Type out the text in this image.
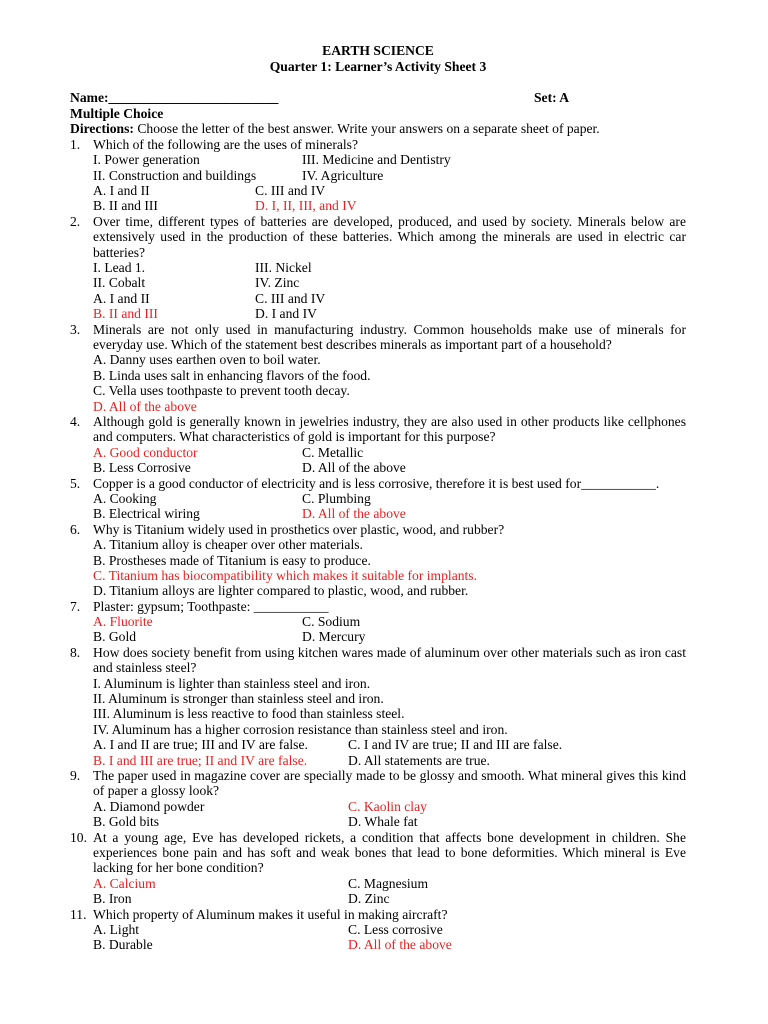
EARTH SCIENCE
Quarter 1: Learner’s Activity Sheet 3
Name:_________________________	Set: A
Multiple Choice
Directions: Choose the letter of the best answer. Write your answers on a separate sheet of paper.
1. Which of the following are the uses of minerals?
I. Power generation	III. Medicine and Dentistry
II. Construction and buildings	IV. Agriculture
A. I and II	C. III and IV
B. II and III	D. I, II, III, and IV
2. Over time, different types of batteries are developed, produced, and used by society. Minerals below are extensively used in the production of these batteries. Which among the minerals are used in electric car batteries?
I. Lead 1.	III. Nickel
II. Cobalt	IV. Zinc
A. I and II	C. III and IV
B. II and III	D. I and IV
3. Minerals are not only used in manufacturing industry. Common households make use of minerals for everyday use. Which of the statement best describes minerals as important part of a household?
A. Danny uses earthen oven to boil water.
B. Linda uses salt in enhancing flavors of the food.
C. Vella uses toothpaste to prevent tooth decay.
D. All of the above
4. Although gold is generally known in jewelries industry, they are also used in other products like cellphones and computers. What characteristics of gold is important for this purpose?
A. Good conductor	C. Metallic
B. Less Corrosive	D. All of the above
5. Copper is a good conductor of electricity and is less corrosive, therefore it is best used for___________.
A. Cooking	C. Plumbing
B. Electrical wiring	D. All of the above
6. Why is Titanium widely used in prosthetics over plastic, wood, and rubber?
A. Titanium alloy is cheaper over other materials.
B. Prostheses made of Titanium is easy to produce.
C. Titanium has biocompatibility which makes it suitable for implants.
D. Titanium alloys are lighter compared to plastic, wood, and rubber.
7. Plaster: gypsum; Toothpaste: ___________
A. Fluorite	C. Sodium
B. Gold	D. Mercury
8. How does society benefit from using kitchen wares made of aluminum over other materials such as iron cast and stainless steel?
I. Aluminum is lighter than stainless steel and iron.
II. Aluminum is stronger than stainless steel and iron.
III. Aluminum is less reactive to food than stainless steel.
IV. Aluminum has a higher corrosion resistance than stainless steel and iron.
A. I and II are true; III and IV are false.	C. I and IV are true; II and III are false.
B. I and III are true; II and IV are false.	D. All statements are true.
9. The paper used in magazine cover are specially made to be glossy and smooth. What mineral gives this kind of paper a glossy look?
A. Diamond powder	C. Kaolin clay
B. Gold bits	D. Whale fat
10. At a young age, Eve has developed rickets, a condition that affects bone development in children. She experiences bone pain and has soft and weak bones that lead to bone deformities. Which mineral is Eve lacking for her bone condition?
A. Calcium	C. Magnesium
B. Iron	D. Zinc
11. Which property of Aluminum makes it useful in making aircraft?
A. Light	C. Less corrosive
B. Durable	D. All of the above
